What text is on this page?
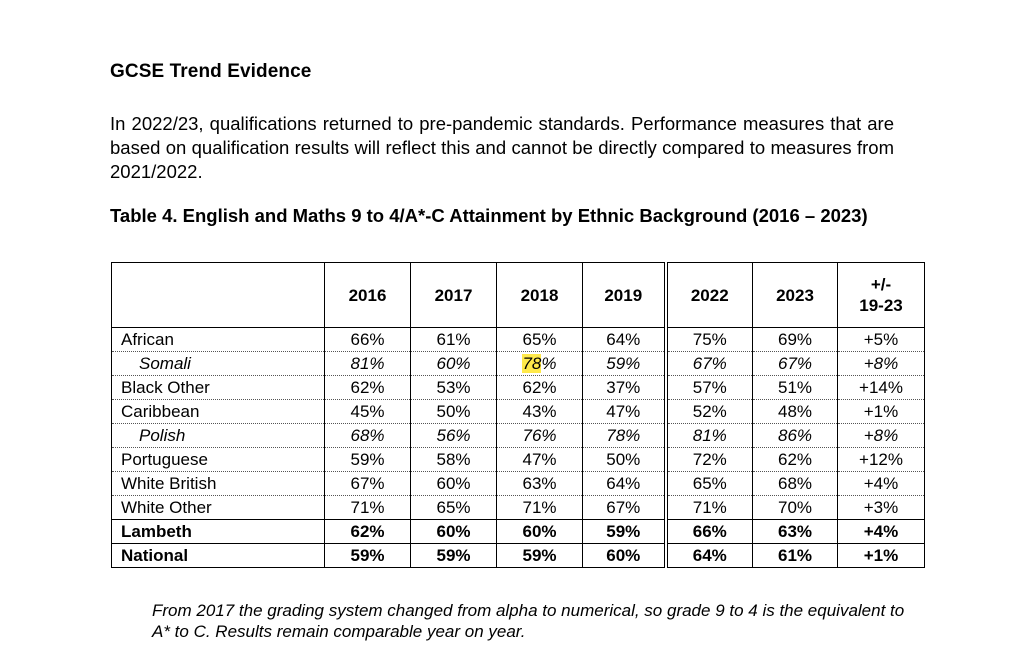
GCSE Trend Evidence
In 2022/23, qualifications returned to pre-pandemic standards. Performance measures that are based on qualification results will reflect this and cannot be directly compared to measures from 2021/2022.
Table 4. English and Maths 9 to 4/A*-C Attainment by Ethnic Background (2016 – 2023)
	2016	2017	2018	2019	2022	2023	+/-
19-23
African	66%	61%	65%	64%	75%	69%	+5%
Somali	81%	60%	78%	59%	67%	67%	+8%
Black Other	62%	53%	62%	37%	57%	51%	+14%
Caribbean	45%	50%	43%	47%	52%	48%	+1%
Polish	68%	56%	76%	78%	81%	86%	+8%
Portuguese	59%	58%	47%	50%	72%	62%	+12%
White British	67%	60%	63%	64%	65%	68%	+4%
White Other	71%	65%	71%	67%	71%	70%	+3%
Lambeth	62%	60%	60%	59%	66%	63%	+4%
National	59%	59%	59%	60%	64%	61%	+1%
From 2017 the grading system changed from alpha to numerical, so grade 9 to 4 is the equivalent to A* to C. Results remain comparable year on year.
